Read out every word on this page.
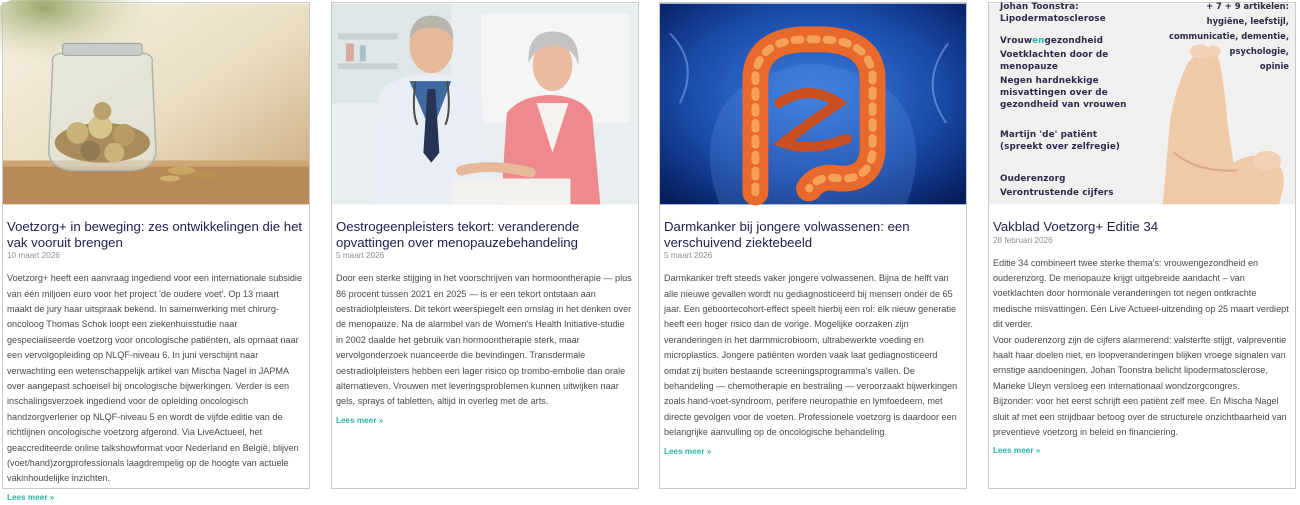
Voetzorg+ in beweging: zes ontwikkelingen die het vak vooruit brengen
10 maart 2026

Voetzorg+ heeft een aanvraag ingediend voor een internationale subsidie van één miljoen euro voor het project 'de oudere voet'. Op 13 maart maakt de jury haar uitspraak bekend. In samenwerking met chirurg-oncoloog Thomas Schok loopt een ziekenhuisstudie naar gespecialiseerde voetzorg voor oncologische patiënten, als opmaat naar een vervolgopleiding op NLQF-niveau 6. In juni verschijnt naar verwachting een wetenschappelijk artikel van Mischa Nagel in JAPMA over aangepast schoeisel bij oncologische bijwerkingen. Verder is een inschalingsverzoek ingediend voor de opleiding oncologisch handzorgverlener op NLQF-niveau 5 en wordt de vijfde editie van de richtlijnen oncologische voetzorg afgerond. Via LiveActueel, het geaccrediteerde online talkshowformat voor Nederland en België, blijven (voet/hand)zorgprofessionals laagdrempelig op de hoogte van actuele vakinhoudelijke inzichten.

Lees meer »
Oestrogeenpleisters tekort: veranderende opvattingen over menopauzebehandeling
5 maart 2026

Door een sterke stijging in het voorschrijven van hormoontherapie — plus 86 procent tussen 2021 en 2025 — is er een tekort ontstaan aan oestradiolpleisters. Dit tekort weerspiegelt een omslag in het denken over de menopauze. Na de alarmbel van de Women's Health Initiative-studie in 2002 daalde het gebruik van hormoontherapie sterk, maar vervolgonderzoek nuanceerde die bevindingen. Transdermale oestradiolpleisters hebben een lager risico op trombo-embolie dan orale alternatieven. Vrouwen met leveringsproblemen kunnen uitwijken naar gels, sprays of tabletten, altijd in overleg met de arts.

Lees meer »
Darmkanker bij jongere volwassenen: een verschuivend ziektebeeld
5 maart 2026

Darmkanker treft steeds vaker jongere volwassenen. Bijna de helft van alle nieuwe gevallen wordt nu gediagnosticeerd bij mensen onder de 65 jaar. Een geboortecohort-effect speelt hierbij een rol: elk nieuw generatie heeft een hoger risico dan de vorige. Mogelijke oorzaken zijn veranderingen in het darmmicrobioom, ultrabewerkte voeding en microplastics. Jongere patiënten worden vaak laat gediagnosticeerd omdat zij buiten bestaande screeningsprogramma's vallen. De behandeling — chemotherapie en bestraling — veroorzaakt bijwerkingen zoals hand-voet-syndroom, perifere neuropathie en lymfoedeem, met directe gevolgen voor de voeten. Professionele voetzorg is daardoor een belangrijke aanvulling op de oncologische behandeling.

Lees meer »
Johan Toonstra:
Lipodermatosclerose
Vrouwengezondheid
Voetklachten door de
menopauze
Negen hardnekkige
misvattingen over de
gezondheid van vrouwen
Martijn 'de' patiënt
(spreekt over zelfregie)
Ouderenzorg
Verontrustende cijfers
+ 7 + 9 artikelen:
hygiëne, leefstijl,
communicatie, dementie,
psychologie,
opinie
Vakblad Voetzorg+ Editie 34
28 februari 2026

Editie 34 combineert twee sterke thema's: vrouwengezondheid en ouderenzorg. De menopauze krijgt uitgebreide aandacht – van voetklachten door hormonale veranderingen tot negen ontkrachte medische misvattingen. Een Live Actueel-uitzending op 25 maart verdiept dit verder.

Voor ouderenzorg zijn de cijfers alarmerend: valsterfte stijgt, valpreventie haalt haar doelen niet, en loopveranderingen blijken vroege signalen van ernstige aandoeningen. Johan Toonstra belicht lipodermatosclerose, Marieke Uleyn versloeg een internationaal wondzorgcongres.

Bijzonder: voor het eerst schrijft een patiënt zelf mee. En Mischa Nagel sluit af met een strijdbaar betoog over de structurele onzichtbaarheid van preventieve voetzorg in beleid en financiering.

Lees meer »
